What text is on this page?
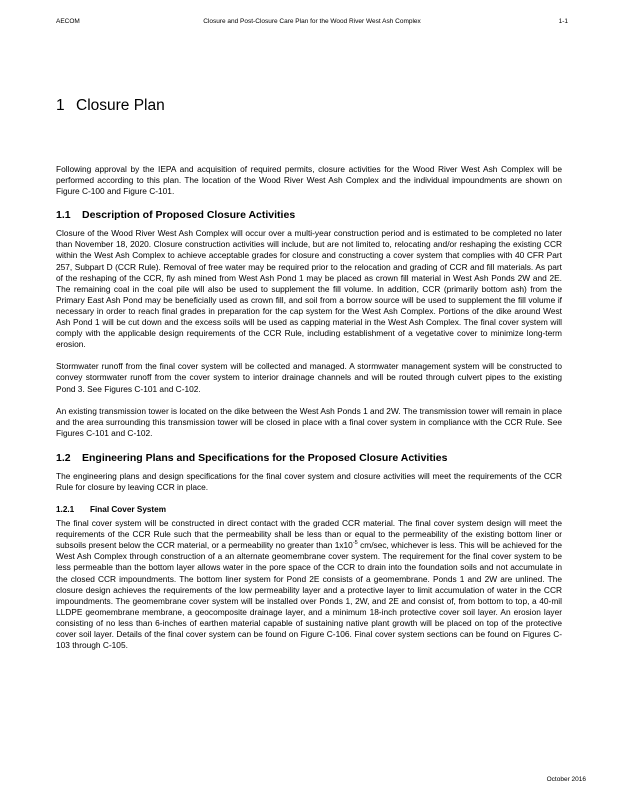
AECOM	Closure and Post-Closure Care Plan for the Wood River West Ash Complex	1-1
1 Closure Plan

Following approval by the IEPA and acquisition of required permits, closure activities for the Wood River West Ash Complex will be performed according to this plan. The location of the Wood River West Ash Complex and the individual impoundments are shown on Figure C-100 and Figure C-101.

1.1 Description of Proposed Closure Activities

Closure of the Wood River West Ash Complex will occur over a multi-year construction period and is estimated to be completed no later than November 18, 2020. Closure construction activities will include, but are not limited to, relocating and/or reshaping the existing CCR within the West Ash Complex to achieve acceptable grades for closure and constructing a cover system that complies with 40 CFR Part 257, Subpart D (CCR Rule). Removal of free water may be required prior to the relocation and grading of CCR and fill materials. As part of the reshaping of the CCR, fly ash mined from West Ash Pond 1 may be placed as crown fill material in West Ash Ponds 2W and 2E. The remaining coal in the coal pile will also be used to supplement the fill volume. In addition, CCR (primarily bottom ash) from the Primary East Ash Pond may be beneficially used as crown fill, and soil from a borrow source will be used to supplement the fill volume if necessary in order to reach final grades in preparation for the cap system for the West Ash Complex. Portions of the dike around West Ash Pond 1 will be cut down and the excess soils will be used as capping material in the West Ash Complex. The final cover system will comply with the applicable design requirements of the CCR Rule, including establishment of a vegetative cover to minimize long-term erosion.

Stormwater runoff from the final cover system will be collected and managed. A stormwater management system will be constructed to convey stormwater runoff from the cover system to interior drainage channels and will be routed through culvert pipes to the existing Pond 3. See Figures C-101 and C-102.

An existing transmission tower is located on the dike between the West Ash Ponds 1 and 2W. The transmission tower will remain in place and the area surrounding this transmission tower will be closed in place with a final cover system in compliance with the CCR Rule. See Figures C-101 and C-102.

1.2 Engineering Plans and Specifications for the Proposed Closure Activities

The engineering plans and design specifications for the final cover system and closure activities will meet the requirements of the CCR Rule for closure by leaving CCR in place.

1.2.1 Final Cover System

The final cover system will be constructed in direct contact with the graded CCR material. The final cover system design will meet the requirements of the CCR Rule such that the permeability shall be less than or equal to the permeability of the existing bottom liner or subsoils present below the CCR material, or a permeability no greater than $1x10^{-5}$ cm/sec, whichever is less. This will be achieved for the West Ash Complex through construction of a an alternate geomembrane cover system. The requirement for the final cover system to be less permeable than the bottom layer allows water in the pore space of the CCR to drain into the foundation soils and not accumulate in the closed CCR impoundments. The bottom liner system for Pond 2E consists of a geomembrane. Ponds 1 and 2W are unlined. The closure design achieves the requirements of the low permeability layer and a protective layer to limit accumulation of water in the CCR impoundments. The geomembrane cover system will be installed over Ponds 1, 2W, and 2E and consist of, from bottom to top, a 40-mil LLDPE geomembrane membrane, a geocomposite drainage layer, and a minimum 18-inch protective cover soil layer. An erosion layer consisting of no less than 6-inches of earthen material capable of sustaining native plant growth will be placed on top of the protective cover soil layer. Details of the final cover system can be found on Figure C-106. Final cover system sections can be found on Figures C-103 through C-105.

October 2016
